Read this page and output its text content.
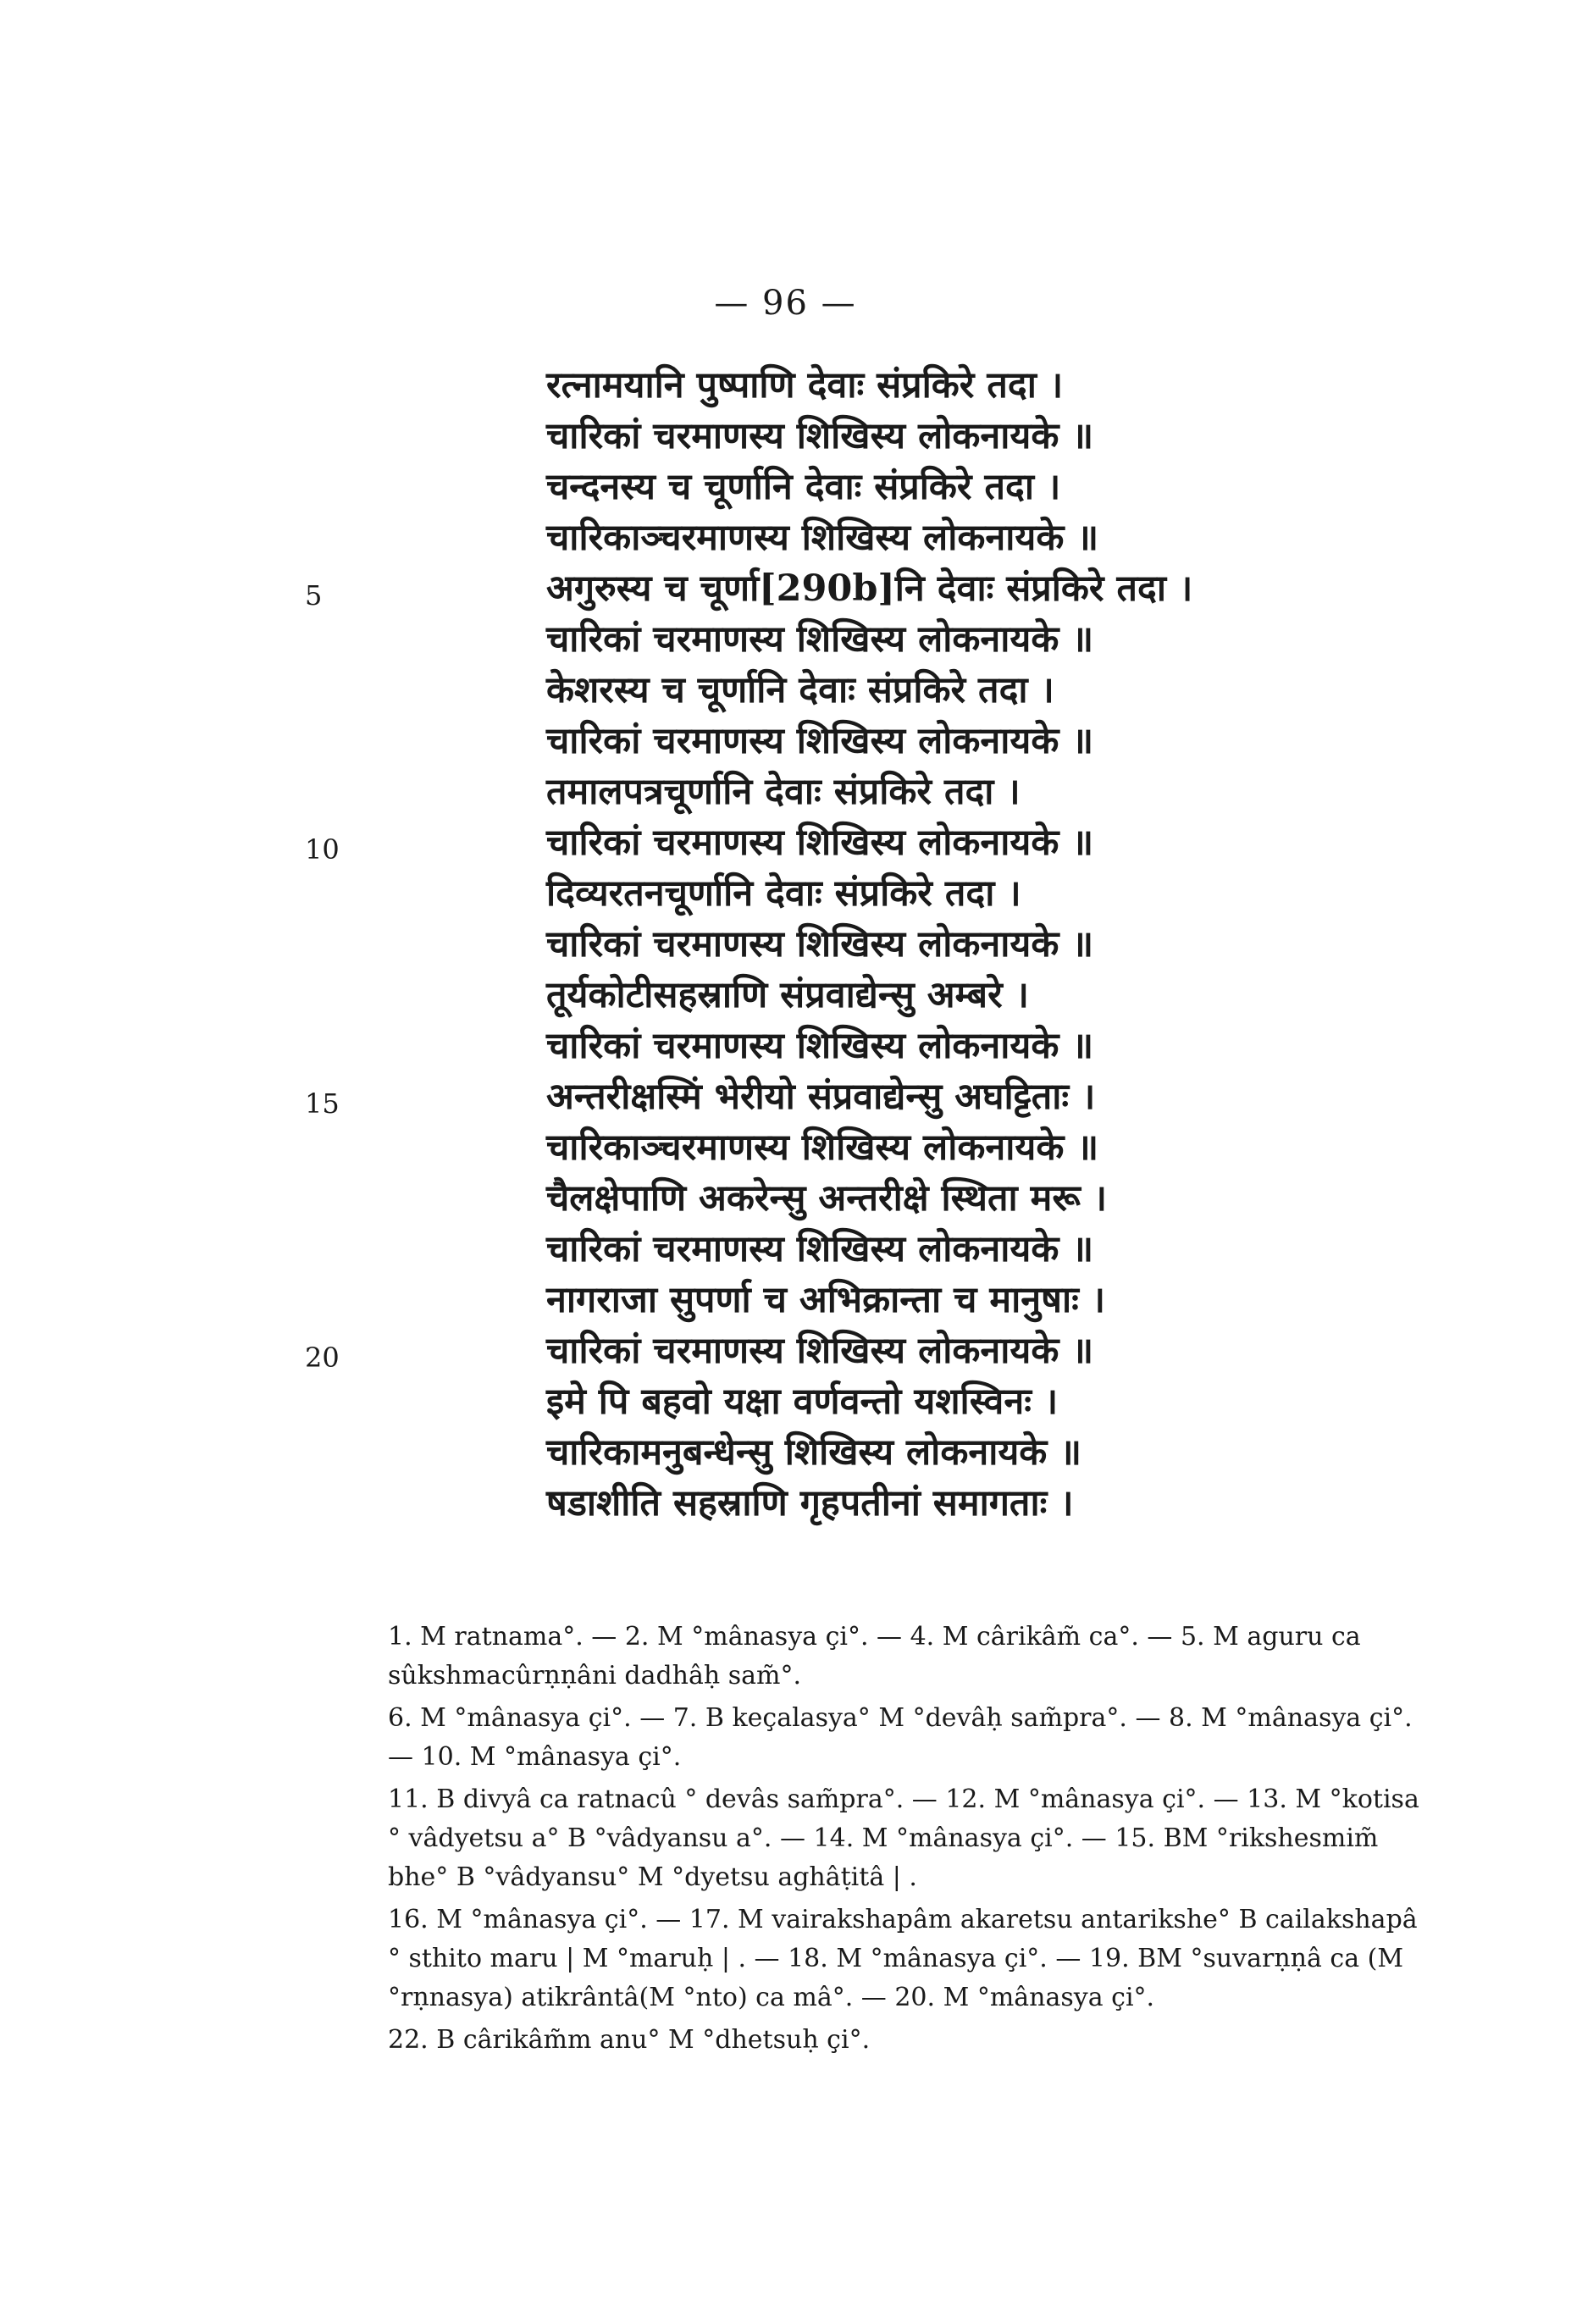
— 96 —
रत्नामयानि पुष्पाणि देवाः संप्रकिरे तदा ।
चारिकां चरमाणस्य शिखिस्य लोकनायके ॥
चन्दनस्य च चूर्णानि देवाः संप्रकिरे तदा ।
चारिकाञ्चरमाणस्य शिखिस्य लोकनायके ॥
अगुरुस्य च चूर्णा[290b]नि देवाः संप्रकिरे तदा ।
चारिकां चरमाणस्य शिखिस्य लोकनायके ॥
केशरस्य च चूर्णानि देवाः संप्रकिरे तदा ।
चारिकां चरमाणस्य शिखिस्य लोकनायके ॥
तमालपत्रचूर्णानि देवाः संप्रकिरे तदा ।
चारिकां चरमाणस्य शिखिस्य लोकनायके ॥
दिव्यरतनचूर्णानि देवाः संप्रकिरे तदा ।
चारिकां चरमाणस्य शिखिस्य लोकनायके ॥
तूर्यकोटीसहस्राणि संप्रवाद्येन्सु अम्बरे ।
चारिकां चरमाणस्य शिखिस्य लोकनायके ॥
अन्तरीक्षस्मिं भेरीयो संप्रवाद्येन्सु अघट्टिताः ।
चारिकाञ्चरमाणस्य शिखिस्य लोकनायके ॥
चैलक्षेपाणि अकरेन्सु अन्तरीक्षे स्थिता मरू ।
चारिकां चरमाणस्य शिखिस्य लोकनायके ॥
नागराजा सुपर्णा च अभिक्रान्ता च मानुषाः ।
चारिकां चरमाणस्य शिखिस्य लोकनायके ॥
इमे पि बहवो यक्षा वर्णवन्तो यशस्विनः ।
चारिकामनुबन्धेन्सु शिखिस्य लोकनायके ॥
षडाशीति सहस्राणि गृहपतीनां समागताः ।
5
10
15
20

1. M ratnama°. — 2. M °mânasya çi°. — 4. M cârikâm̃ ca°. — 5. M aguru ca sûkshmacûrṇṇâni dadhâḥ sam̃°.

6. M °mânasya çi°. — 7. B keçalasya° M °devâḥ sam̃pra°. — 8. M °mânasya çi°. — 10. M °mânasya çi°.

11. B divyâ ca ratnacû ° devâs sam̃pra°. — 12. M °mânasya çi°. — 13. M °kotisa ° vâdyetsu a° B °vâdyansu a°. — 14. M °mânasya çi°. — 15. BM °rikshesmim̃ bhe° B °vâdyansu° M °dyetsu aghâṭitâ | .

16. M °mânasya çi°. — 17. M vairakshapâm akaretsu antarikshe° B cailakshapâ ° sthito maru | M °maruḥ | . — 18. M °mânasya çi°. — 19. BM °suvarṇṇâ ca (M °rṇnasya) atikrântâ(M °nto) ca mâ°. — 20. M °mânasya çi°.

22. B cârikâm̃m anu° M °dhetsuḥ çi°.
